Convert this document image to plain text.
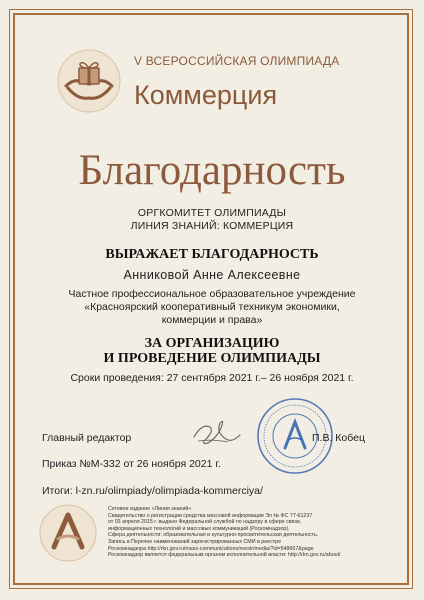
V ВСЕРОССИЙСКАЯ ОЛИМПИАДА
Коммерция
Благодарность
ОРГКОМИТЕТ ОЛИМПИАДЫ
ЛИНИЯ ЗНАНИЙ: КОММЕРЦИЯ
ВЫРАЖАЕТ БЛАГОДАРНОСТЬ
Анниковой Анне Алексеевне
Частное профессиональное образовательное учреждение
«Красноярский кооперативный техникум экономики,
коммерции и права»
ЗА ОРГАНИЗАЦИЮ
И ПРОВЕДЕНИЕ ОЛИМПИАДЫ
Сроки проведения: 27 сентября 2021 г.– 26 ноября 2021 г.
Главный редактор	П.В. Кобец
Приказ №М-332 от 26 ноября 2021 г.
Итоги: l-zn.ru/olimpiady/olimpiada-kommerciya/
Сетевое издание «Линия знаний»
Свидетельство о регистрации средства массовой информации Эл № ФС 77-61237
от 03 апреля 2015 г. выдано Федеральной службой по надзору в сфере связи,
информационных технологий и массовых коммуникаций (Роскомнадзор).
Сфера деятельности: образовательная и культурно-просветительская деятельность.
Запись в Перечне наименований зарегистрированных СМИ в реестре
Роскомнадзора http://rkn.gov.ru/mass-communications/reestr/media/?id=548667&page
Роскомнадзор является федеральным органом исполнительной власти: http://rkn.gov.ru/about/
